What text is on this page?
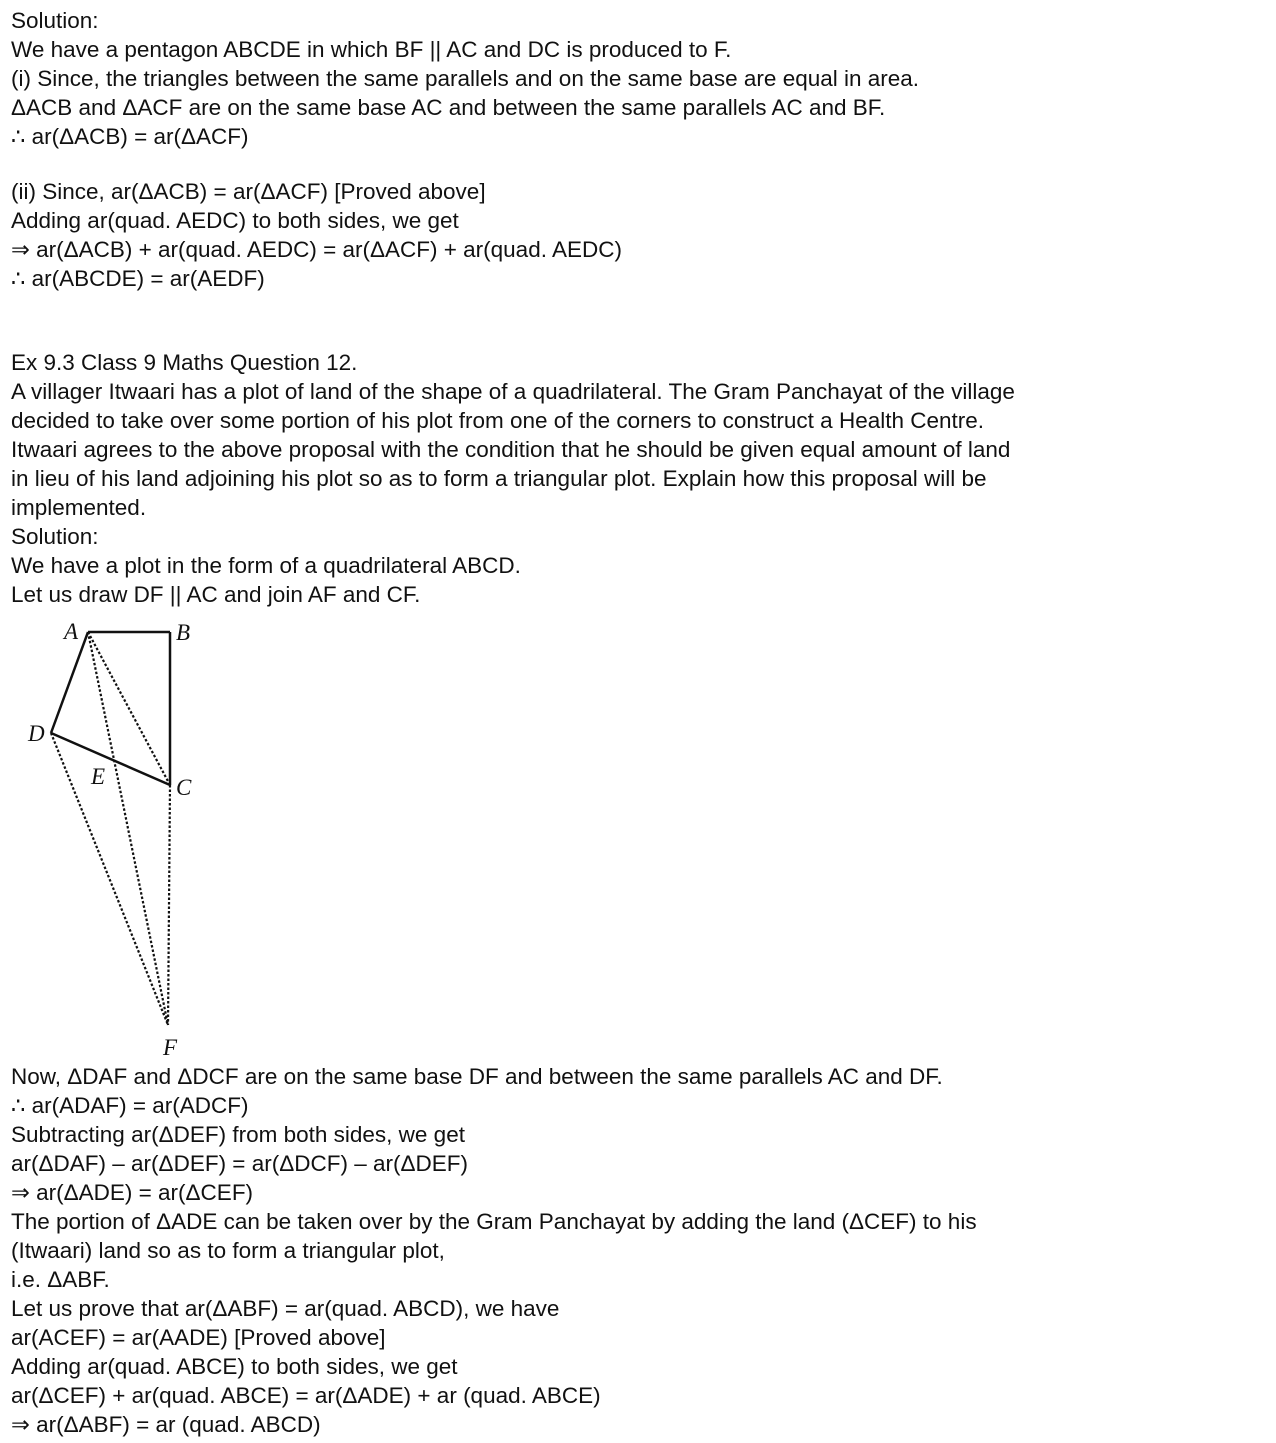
Solution:
We have a pentagon ABCDE in which BF || AC and DC is produced to F.
(i) Since, the triangles between the same parallels and on the same base are equal in area.
ΔACB and ΔACF are on the same base AC and between the same parallels AC and BF.
∴ ar(ΔACB) = ar(ΔACF)
(ii) Since, ar(ΔACB) = ar(ΔACF) [Proved above]
Adding ar(quad. AEDC) to both sides, we get
⇒ ar(ΔACB) + ar(quad. AEDC) = ar(ΔACF) + ar(quad. AEDC)
∴ ar(ABCDE) = ar(AEDF)
Ex 9.3 Class 9 Maths Question 12.
A villager Itwaari has a plot of land of the shape of a quadrilateral. The Gram Panchayat of the village
decided to take over some portion of his plot from one of the corners to construct a Health Centre.
Itwaari agrees to the above proposal with the condition that he should be given equal amount of land
in lieu of his land adjoining his plot so as to form a triangular plot. Explain how this proposal will be
implemented.
Solution:
We have a plot in the form of a quadrilateral ABCD.
Let us draw DF || AC and join AF and CF.
A	B
C
D
E
F
Now, ΔDAF and ΔDCF are on the same base DF and between the same parallels AC and DF.
∴ ar(ADAF) = ar(ADCF)
Subtracting ar(ΔDEF) from both sides, we get
ar(ΔDAF) – ar(ΔDEF) = ar(ΔDCF) – ar(ΔDEF)
⇒ ar(ΔADE) = ar(ΔCEF)
The portion of ΔADE can be taken over by the Gram Panchayat by adding the land (ΔCEF) to his
(Itwaari) land so as to form a triangular plot,
i.e. ΔABF.
Let us prove that ar(ΔABF) = ar(quad. ABCD), we have
ar(ACEF) = ar(AADE) [Proved above]
Adding ar(quad. ABCE) to both sides, we get
ar(ΔCEF) + ar(quad. ABCE) = ar(ΔADE) + ar (quad. ABCE)
⇒ ar(ΔABF) = ar (quad. ABCD)
